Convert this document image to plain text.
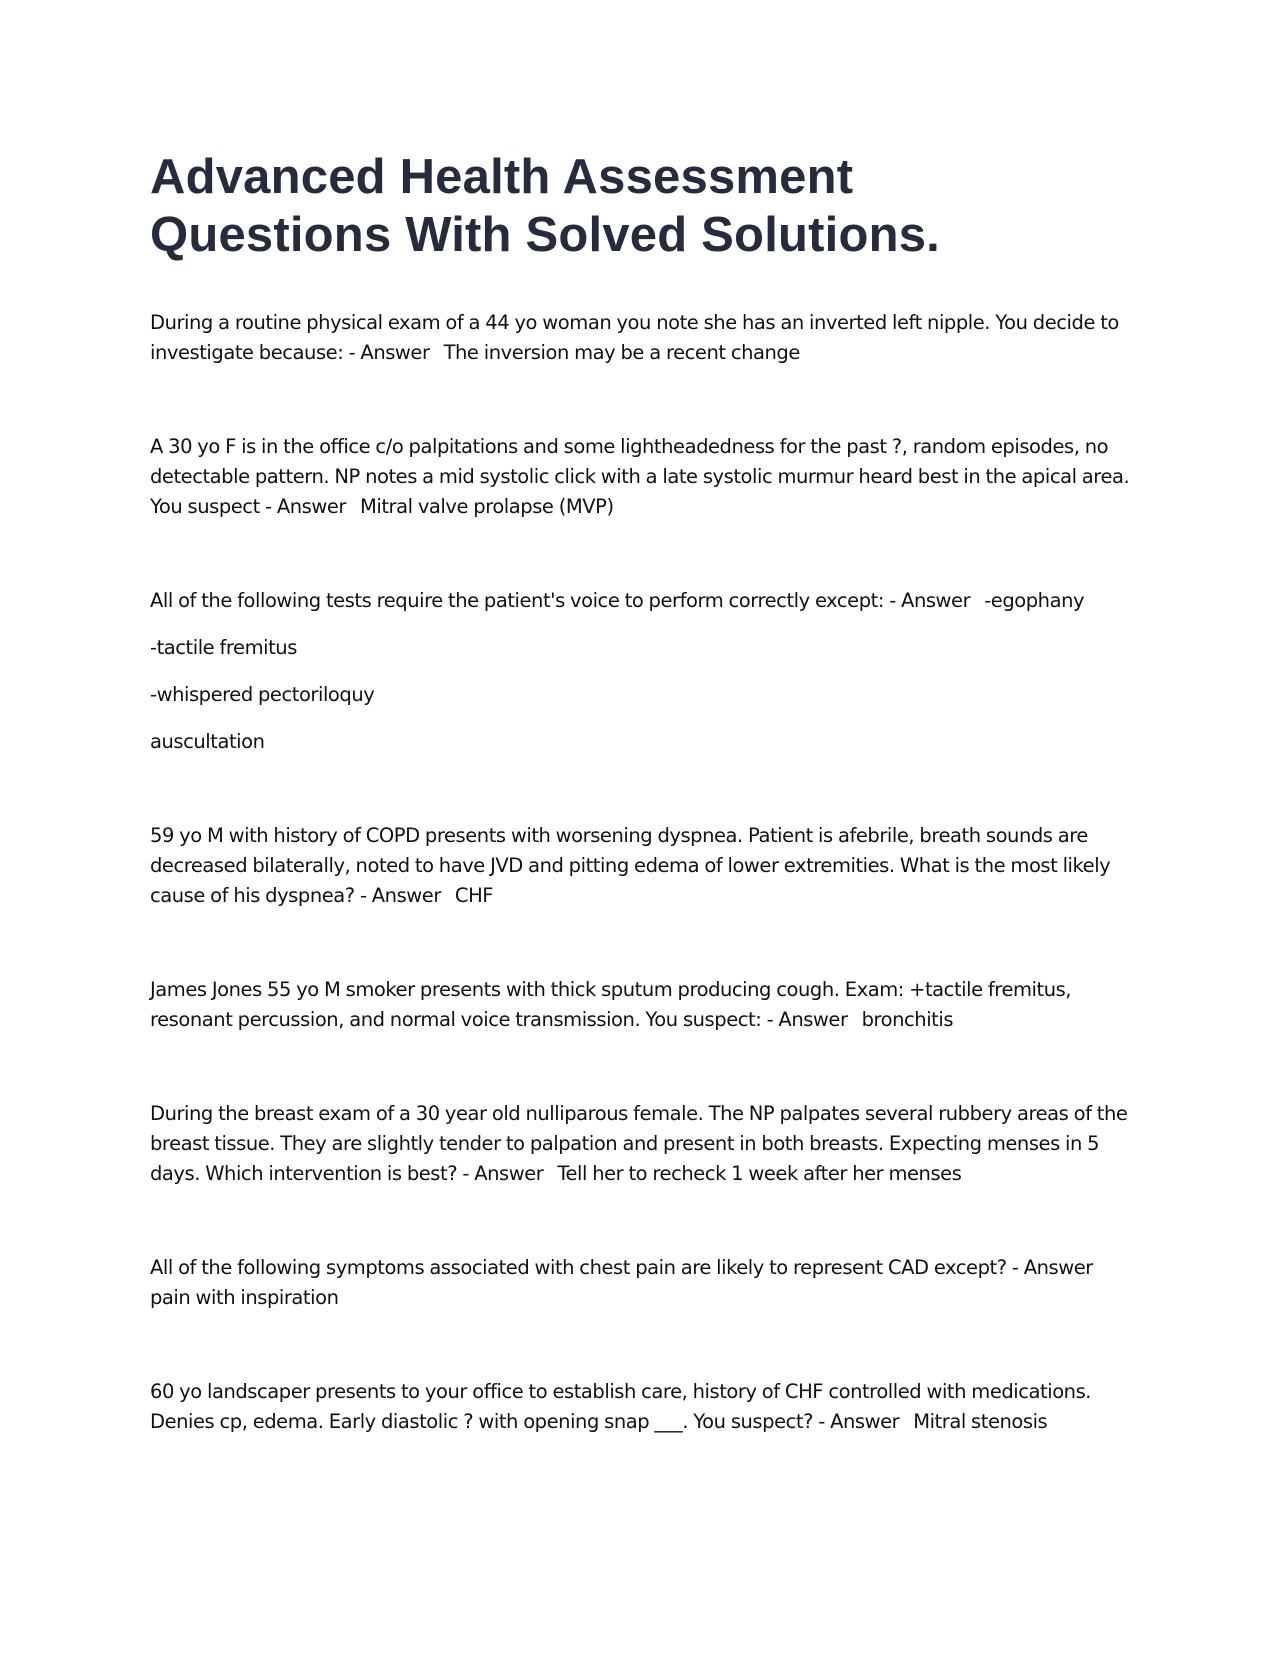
Advanced Health Assessment
Questions With Solved Solutions.

During a routine physical exam of a 44 yo woman you note she has an inverted left nipple. You decide to investigate because: - Answer The inversion may be a recent change

A 30 yo F is in the office c/o palpitations and some lightheadedness for the past ?, random episodes, no detectable pattern. NP notes a mid systolic click with a late systolic murmur heard best in the apical area. You suspect - Answer Mitral valve prolapse (MVP)

All of the following tests require the patient's voice to perform correctly except: - Answer -egophany

-tactile fremitus

-whispered pectoriloquy

auscultation

59 yo M with history of COPD presents with worsening dyspnea. Patient is afebrile, breath sounds are decreased bilaterally, noted to have JVD and pitting edema of lower extremities. What is the most likely cause of his dyspnea? - Answer CHF

James Jones 55 yo M smoker presents with thick sputum producing cough. Exam: +tactile fremitus, resonant percussion, and normal voice transmission. You suspect: - Answer bronchitis

During the breast exam of a 30 year old nulliparous female. The NP palpates several rubbery areas of the breast tissue. They are slightly tender to palpation and present in both breasts. Expecting menses in 5 days. Which intervention is best? - Answer Tell her to recheck 1 week after her menses

All of the following symptoms associated with chest pain are likely to represent CAD except? - Answerpain with inspiration

60 yo landscaper presents to your office to establish care, history of CHF controlled with medications. Denies cp, edema. Early diastolic ? with opening snap ___. You suspect? - Answer Mitral stenosis
